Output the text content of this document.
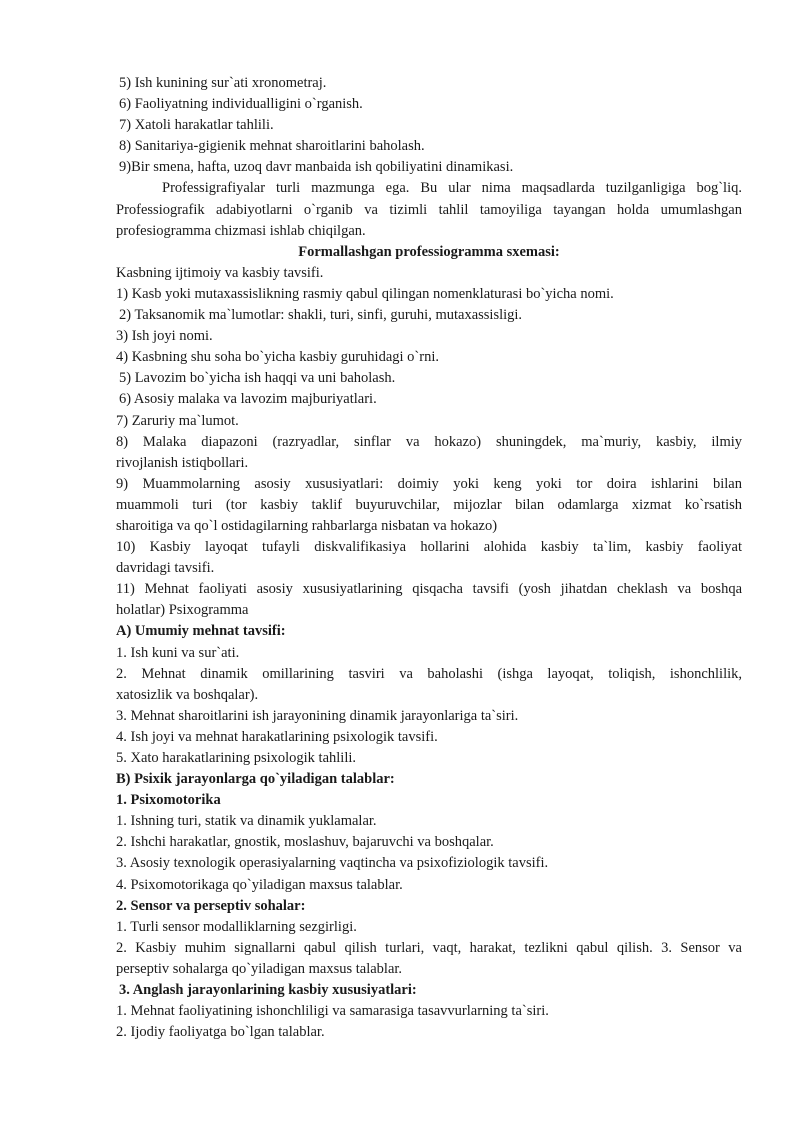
5) Ish kunining sur`ati xronometraj.
6) Faoliyatning individualligini o`rganish.
7) Xatoli harakatlar tahlili.
8) Sanitariya-gigienik mehnat sharoitlarini baholash.
9)Bir smena, hafta, uzoq davr manbaida ish qobiliyatini dinamikasi.
Professigrafiyalar turli mazmunga ega. Bu ular nima maqsadlarda tuzilganligiga bog`liq.
Professiografik adabiyotlarni o`rganib va tizimli tahlil tamoyiliga tayangan holda umumlashgan
profesiogramma chizmasi ishlab chiqilgan.
Formallashgan professiogramma sxemasi:
Kasbning ijtimoiy va kasbiy tavsifi.
1) Kasb yoki mutaxassislikning rasmiy qabul qilingan nomenklaturasi bo`yicha nomi.
2) Taksanomik ma`lumotlar: shakli, turi, sinfi, guruhi, mutaxassisligi.
3) Ish joyi nomi.
4) Kasbning shu soha bo`yicha kasbiy guruhidagi o`rni.
5) Lavozim bo`yicha ish haqqi va uni baholash.
6) Asosiy malaka va lavozim majburiyatlari.
7) Zaruriy ma`lumot.
8) Malaka diapazoni (razryadlar, sinflar va hokazo) shuningdek, ma`muriy, kasbiy, ilmiy
rivojlanish istiqbollari.
9) Muammolarning asosiy xususiyatlari: doimiy yoki keng yoki tor doira ishlarini bilan
muammoli turi (tor kasbiy taklif buyuruvchilar, mijozlar bilan odamlarga xizmat ko`rsatish
sharoitiga va qo`l ostidagilarning rahbarlarga nisbatan va hokazo)
10) Kasbiy layoqat tufayli diskvalifikasiya hollarini alohida kasbiy ta`lim, kasbiy faoliyat
davridagi tavsifi.
11) Mehnat faoliyati asosiy xususiyatlarining qisqacha tavsifi (yosh jihatdan cheklash va boshqa
holatlar) Psixogramma
A) Umumiy mehnat tavsifi:
1. Ish kuni va sur`ati.
2. Mehnat dinamik omillarining tasviri va baholashi (ishga layoqat, toliqish, ishonchlilik,
xatosizlik va boshqalar).
3. Mehnat sharoitlarini ish jarayonining dinamik jarayonlariga ta`siri.
4. Ish joyi va mehnat harakatlarining psixologik tavsifi.
5. Xato harakatlarining psixologik tahlili.
B) Psixik jarayonlarga qo`yiladigan talablar:
1. Psixomotorika
1. Ishning turi, statik va dinamik yuklamalar.
2. Ishchi harakatlar, gnostik, moslashuv, bajaruvchi va boshqalar.
3. Asosiy texnologik operasiyalarning vaqtincha va psixofiziologik tavsifi.
4. Psixomotorikaga qo`yiladigan maxsus talablar.
2. Sensor va perseptiv sohalar:
1. Turli sensor modalliklarning sezgirligi.
2. Kasbiy muhim signallarni qabul qilish turlari, vaqt, harakat, tezlikni qabul qilish. 3. Sensor va
perseptiv sohalarga qo`yiladigan maxsus talablar.
3. Anglash jarayonlarining kasbiy xususiyatlari:
1. Mehnat faoliyatining ishonchliligi va samarasiga tasavvurlarning ta`siri.
2. Ijodiy faoliyatga bo`lgan talablar.
